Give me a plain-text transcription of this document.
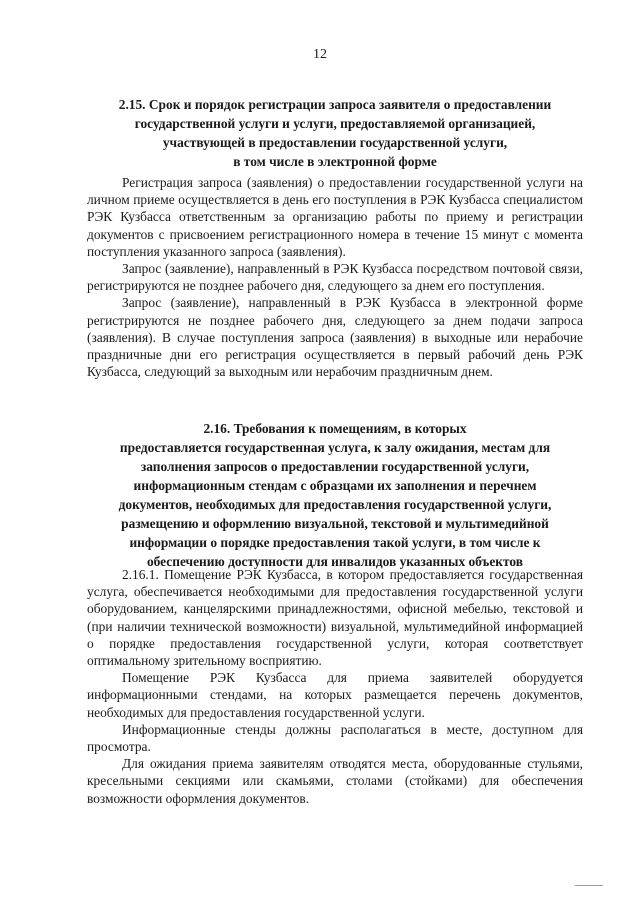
12
2.15. Срок и порядок регистрации запроса заявителя о предоставлении
государственной услуги и услуги, предоставляемой организацией,
участвующей в предоставлении государственной услуги,
в том числе в электронной форме

Регистрация запроса (заявления) о предоставлении государственной услуги на личном приеме осуществляется в день его поступления в РЭК Кузбасса специалистом РЭК Кузбасса ответственным за организацию работы по приему и регистрации документов с присвоением регистрационного номера в течение 15 минут с момента поступления указанного запроса (заявления).

Запрос (заявление), направленный в РЭК Кузбасса посредством почтовой связи, регистрируются не позднее рабочего дня, следующего за днем его поступления.

Запрос (заявление), направленный в РЭК Кузбасса в электронной форме регистрируются не позднее рабочего дня, следующего за днем подачи запроса (заявления). В случае поступления запроса (заявления) в выходные или нерабочие праздничные дни его регистрация осуществляется в первый рабочий день РЭК Кузбасса, следующий за выходным или нерабочим праздничным днем.

2.16. Требования к помещениям, в которых
предоставляется государственная услуга, к залу ожидания, местам для
заполнения запросов о предоставлении государственной услуги,
информационным стендам с образцами их заполнения и перечнем
документов, необходимых для предоставления государственной услуги,
размещению и оформлению визуальной, текстовой и мультимедийной
информации о порядке предоставления такой услуги, в том числе к
обеспечению доступности для инвалидов указанных объектов

2.16.1. Помещение РЭК Кузбасса, в котором предоставляется государственная услуга, обеспечивается необходимыми для предоставления государственной услуги оборудованием, канцелярскими принадлежностями, офисной мебелью, текстовой и (при наличии технической возможности) визуальной, мультимедийной информацией о порядке предоставления государственной услуги, которая соответствует оптимальному зрительному восприятию.

Помещение РЭК Кузбасса для приема заявителей оборудуется информационными стендами, на которых размещается перечень документов, необходимых для предоставления государственной услуги.

Информационные стенды должны располагаться в месте, доступном для просмотра.

Для ожидания приема заявителям отводятся места, оборудованные стульями, кресельными секциями или скамьями, столами (стойками) для обеспечения возможности оформления документов.
